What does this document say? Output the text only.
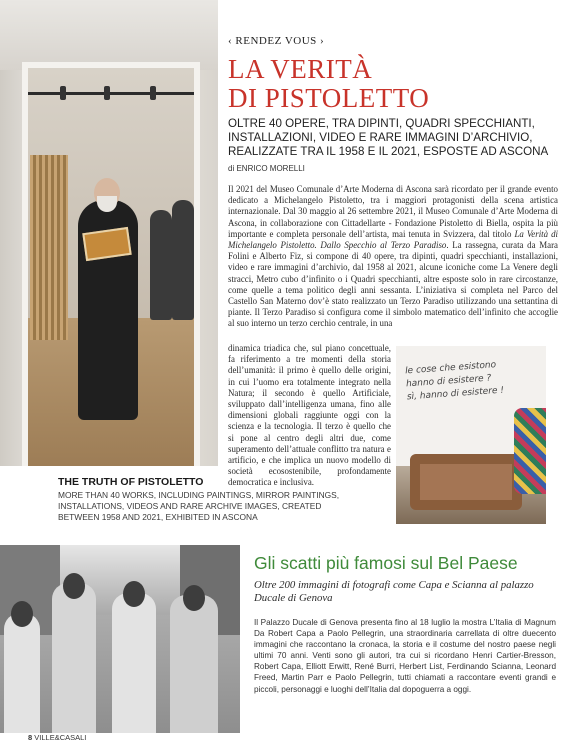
‹ RENDEZ VOUS ›
LA VERITÀ
DI PISTOLETTO
OLTRE 40 OPERE, TRA DIPINTI, QUADRI SPECCHIANTI, INSTALLAZIONI, VIDEO E RARE IMMAGINI D’ARCHIVIO, REALIZZATE TRA IL 1958 E IL 2021, ESPOSTE AD ASCONA
di ENRICO MORELLI

Il 2021 del Museo Comunale d’Arte Moderna di Ascona sarà ricordato per il grande evento dedicato a Michelangelo Pistoletto, tra i maggiori protagonisti della scena artistica internazionale. Dal 30 maggio al 26 settembre 2021, il Museo Comunale d’Arte Moderna di Ascona, in collaborazione con Cittadellarte - Fondazione Pistoletto di Biella, ospita la più importante e completa personale dell’artista, mai tenuta in Svizzera, dal titolo La Verità di Michelangelo Pistoletto. Dallo Specchio al Terzo Paradiso. La rassegna, curata da Mara Folini e Alberto Fiz, si compone di 40 opere, tra dipinti, quadri specchianti, installazioni, video e rare immagini d’archivio, dal 1958 al 2021, alcune iconiche come La Venere degli stracci, Metro cubo d’infinito o i Quadri specchianti, altre esposte solo in rare circostanze, come quelle a tema politico degli anni sessanta. L’iniziativa si completa nel Parco del Castello San Materno dov’è stato realizzato un Terzo Paradiso utilizzando una settantina di piante. Il Terzo Paradiso si configura come il simbolo matematico dell’infinito che accoglie al suo interno un terzo cerchio centrale, in una

dinamica triadica che, sul piano concettuale, fa riferimento a tre momenti della storia dell’umanità: il primo è quello delle origini, in cui l’uomo era totalmente integrato nella Natura; il secondo è quello Artificiale, sviluppato dall’intelligenza umana, fino alle dimensioni globali raggiunte oggi con la scienza e la tecnologia. Il terzo è quello che si pone al centro degli altri due, come superamento dell’attuale conflitto tra natura e artificio, e che implica un nuovo modello di società ecosostenibile, profondamente democratica e inclusiva.

le cose che esistono
hanno di esistere ?
sì, hanno di esistere !
THE TRUTH OF PISTOLETTO
MORE THAN 40 WORKS, INCLUDING PAINTINGS, MIRROR PAINTINGS, INSTALLATIONS, VIDEOS AND RARE ARCHIVE IMAGES, CREATED BETWEEN 1958 AND 2021, EXHIBITED IN ASCONA
Gli scatti più famosi sul Bel Paese
Oltre 200 immagini di fotografi come Capa e Scianna al palazzo Ducale di Genova

Il Palazzo Ducale di Genova presenta fino al 18 luglio la mostra L’Italia di Magnum Da Robert Capa a Paolo Pellegrin, una straordinaria carrellata di oltre duecento immagini che raccontano la cronaca, la storia e il costume del nostro paese negli ultimi 70 anni. Venti sono gli autori, tra cui si ricordano Henri Cartier-Bresson, Robert Capa, Elliott Erwitt, René Burri, Herbert List, Ferdinando Scianna, Leonard Freed, Martin Parr e Paolo Pellegrin, tutti chiamati a raccontare eventi grandi e piccoli, personaggi e luoghi dell’Italia dal dopoguerra a oggi.

8 VILLE&CASALI
